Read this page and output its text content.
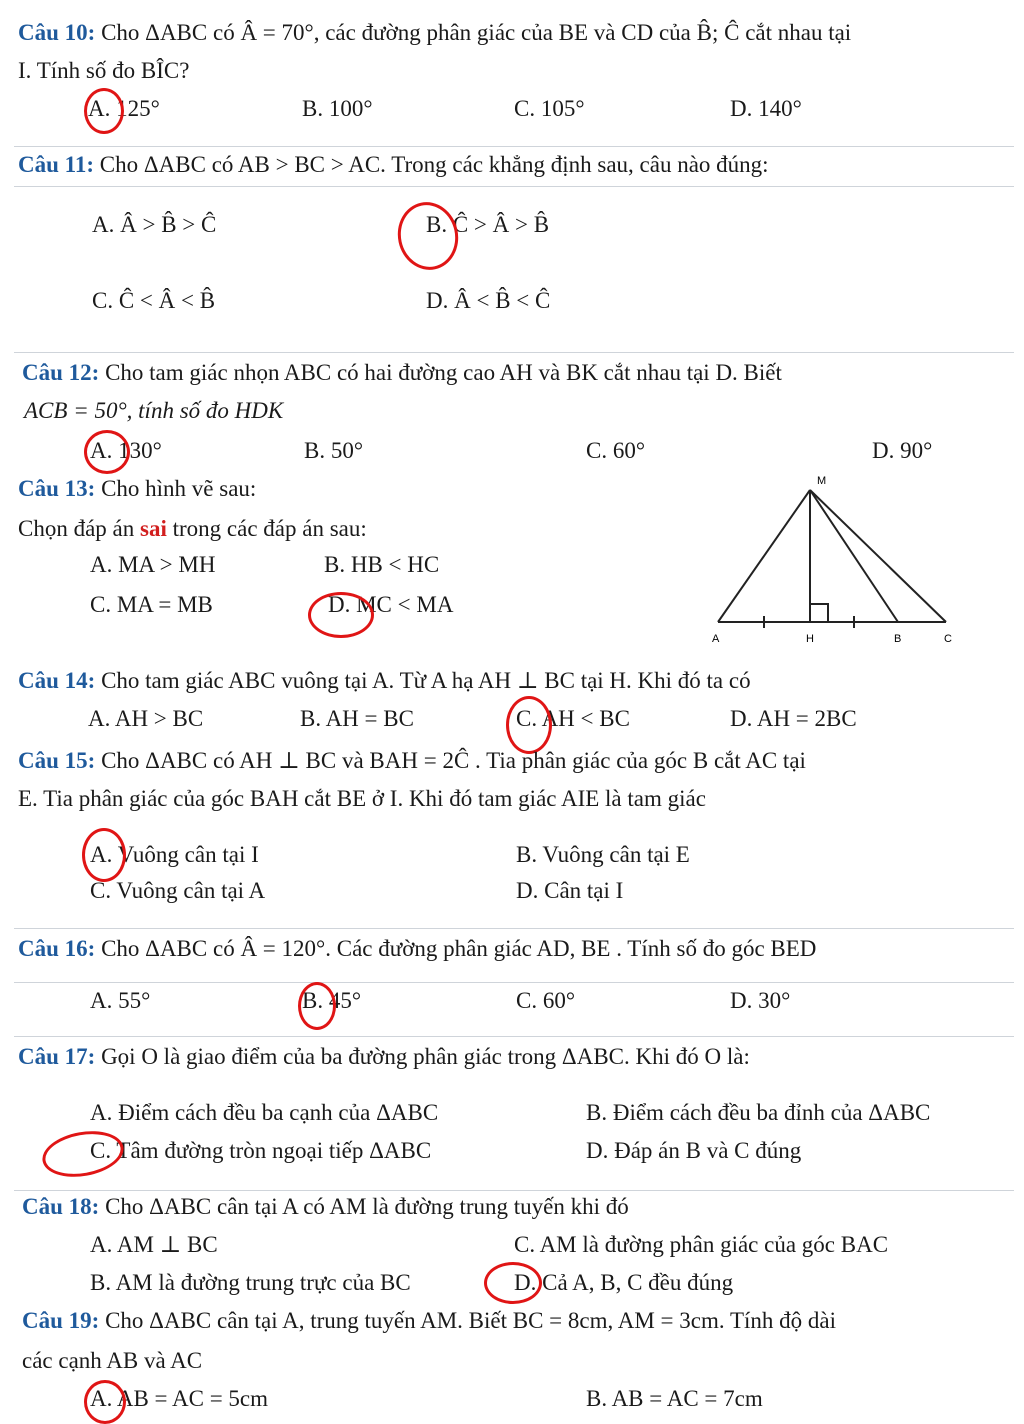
Câu 10: Cho ΔABC có Â = 70°, các đường phân giác của BE và CD của B̂; Ĉ cắt nhau tại
I. Tính số đo BÎC?
A. 125°	B. 100°	C. 105°	D. 140°
Câu 11: Cho ΔABC có AB > BC > AC. Trong các khẳng định sau, câu nào đúng:
A. Â > B̂ > Ĉ	B. Ĉ > Â > B̂
C. Ĉ < Â < B̂	D. Â < B̂ < Ĉ
Câu 12: Cho tam giác nhọn ABC có hai đường cao AH và BK cắt nhau tại D. Biết
ACB = 50°, tính số đo HDK
A. 130°	B. 50°	C. 60°	D. 90°
Câu 13: Cho hình vẽ sau:
Chọn đáp án sai trong các đáp án sau:
A. MA > MH	B. HB < HC
C. MA = MB	D. MC < MA
M
A	H	B	C
Câu 14: Cho tam giác ABC vuông tại A. Từ A hạ AH ⊥ BC tại H. Khi đó ta có
A. AH > BC	B. AH = BC	C. AH < BC	D. AH = 2BC
Câu 15: Cho ΔABC có AH ⊥ BC và BAH = 2Ĉ . Tia phân giác của góc B cắt AC tại
E. Tia phân giác của góc BAH cắt BE ở I. Khi đó tam giác AIE là tam giác
A. Vuông cân tại I	B. Vuông cân tại E
C. Vuông cân tại A	D. Cân tại I
Câu 16: Cho ΔABC có Â = 120°. Các đường phân giác AD, BE . Tính số đo góc BED
A. 55°	B. 45°	C. 60°	D. 30°
Câu 17: Gọi O là giao điểm của ba đường phân giác trong ΔABC. Khi đó O là:
A. Điểm cách đều ba cạnh của ΔABC	B. Điểm cách đều ba đỉnh của ΔABC
C. Tâm đường tròn ngoại tiếp ΔABC	D. Đáp án B và C đúng
Câu 18: Cho ΔABC cân tại A có AM là đường trung tuyến khi đó
A. AM ⊥ BC	C. AM là đường phân giác của góc BAC
B. AM là đường trung trực của BC	D. Cả A, B, C đều đúng
Câu 19: Cho ΔABC cân tại A, trung tuyến AM. Biết BC = 8cm, AM = 3cm. Tính độ dài
các cạnh AB và AC
A. AB = AC = 5cm	B. AB = AC = 7cm
